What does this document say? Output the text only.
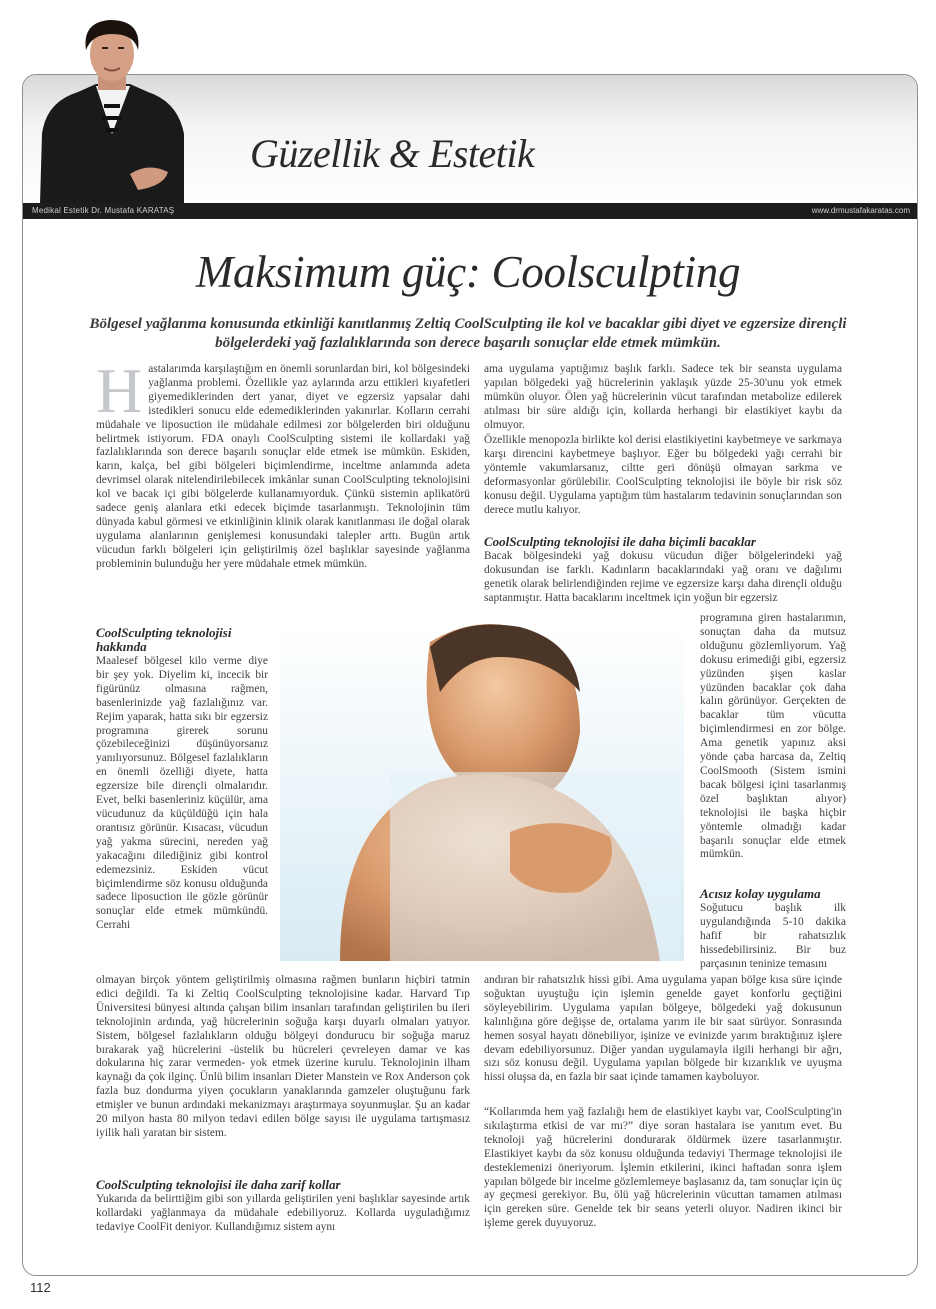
Güzellik & Estetik
Medikal Estetik Dr. Mustafa KARATAŞ	www.drmustafakaratas.com
Maksimum güç: Coolsculpting

Bölgesel yağlanma konusunda etkinliği kanıtlanmış Zeltiq CoolSculpting ile kol ve bacaklar gibi diyet ve egzersize dirençli bölgelerdeki yağ fazlalıklarında son derece başarılı sonuçlar elde etmek mümkün.

Hastalarımda karşılaştığım en önemli sorunlardan biri, kol bölgesindeki yağlanma problemi. Özellikle yaz aylarında arzu ettikleri kıyafetleri giyemediklerinden dert yanar, diyet ve egzersiz yapsalar dahi istedikleri sonucu elde edemediklerinden yakınırlar. Kolların cerrahi müdahale ve liposuction ile müdahale edilmesi zor bölgelerden biri olduğunu belirtmek istiyorum. FDA onaylı CoolSculpting sistemi ile kollardaki yağ fazlalıklarında son derece başarılı sonuçlar elde etmek ise mümkün. Eskiden, karın, kalça, bel gibi bölgeleri biçimlendirme, inceltme anlamında adeta devrimsel olarak nitelendirilebilecek imkânlar sunan CoolSculpting teknolojisini kol ve bacak içi gibi bölgelerde kullanamıyorduk. Çünkü sistemin aplikatörü sadece geniş alanlara etki edecek biçimde tasarlanmıştı. Teknolojinin tüm dünyada kabul görmesi ve etkinliğinin klinik olarak kanıtlanması ile doğal olarak uygulama alanlarının genişlemesi konusundaki talepler arttı. Bugün artık vücudun farklı bölgeleri için geliştirilmiş özel başlıklar sayesinde yağlanma probleminin bulunduğu her yere müdahale etmek mümkün.

ama uygulama yaptığımız başlık farklı. Sadece tek bir seansta uygulama yapılan bölgedeki yağ hücrelerinin yaklaşık yüzde 25-30'unu yok etmek mümkün oluyor. Ölen yağ hücrelerinin vücut tarafından metabolize edilerek atılması bir süre aldığı için, kollarda herhangi bir elastikiyet kaybı da olmuyor.

Özellikle menopozla birlikte kol derisi elastikiyetini kaybetmeye ve sarkmaya karşı direncini kaybetmeye başlıyor. Eğer bu bölgedeki yağı cerrahi bir yöntemle vakumlarsanız, ciltte geri dönüşü olmayan sarkma ve deformasyonlar görülebilir. CoolSculpting teknolojisi ile böyle bir risk söz konusu değil. Uygulama yaptığım tüm hastalarım tedavinin sonuçlarından son derece mutlu kalıyor.

CoolSculpting teknolojisi ile daha biçimli bacaklar

Bacak bölgesindeki yağ dokusu vücudun diğer bölgelerindeki yağ dokusundan ise farklı. Kadınların bacaklarındaki yağ oranı ve dağılımı genetik olarak belirlendiğinden rejime ve egzersize karşı daha dirençli olduğu saptanmıştır. Hatta bacaklarını inceltmek için yoğun bir egzersiz

CoolSculpting teknolojisi hakkında

Maalesef bölgesel kilo verme diye bir şey yok. Diyelim ki, incecik bir figürünüz olmasına rağmen, basenlerinizde yağ fazlalığınız var. Rejim yaparak, hatta sıkı bir egzersiz programına girerek sorunu çözebileceğinizi düşünüyorsanız yanılıyorsunuz. Bölgesel fazlalıkların en önemli özelliği diyete, hatta egzersize bile dirençli olmalarıdır. Evet, belki basenleriniz küçülür, ama vücudunuz da küçüldüğü için hala orantısız görünür. Kısacası, vücudun yağ yakma sürecini, nereden yağ yakacağını dilediğiniz gibi kontrol edemezsiniz. Eskiden vücut biçimlendirme söz konusu olduğunda sadece liposuction ile gözle görünür sonuçlar elde etmek mümkündü. Cerrahi

programına giren hastalarımın, sonuçtan daha da mutsuz olduğunu gözlemliyorum. Yağ dokusu erimediği gibi, egzersiz yüzünden şişen kaslar yüzünden bacaklar çok daha kalın görünüyor. Gerçekten de bacaklar tüm vücutta biçimlendirmesi en zor bölge. Ama genetik yapınız aksi yönde çaba harcasa da, Zeltiq CoolSmooth (Sistem ismini bacak bölgesi içini tasarlanmış özel başlıktan alıyor) teknolojisi ile başka hiçbir yöntemle olmadığı kadar başarılı sonuçlar elde etmek mümkün.

Acısız kolay uygulama

Soğutucu başlık ilk uygulandığında 5-10 dakika hafif bir rahatsızlık hissedebilirsiniz. Bir buz parçasının teninize temasını

olmayan birçok yöntem geliştirilmiş olmasına rağmen bunların hiçbiri tatmin edici değildi. Ta ki Zeltiq CoolSculpting teknolojisine kadar. Harvard Tıp Üniversitesi bünyesi altında çalışan bilim insanları tarafından geliştirilen bu ileri teknolojinin ardında, yağ hücrelerinin soğuğa karşı duyarlı olmaları yatıyor. Sistem, bölgesel fazlalıkların olduğu bölgeyi dondurucu bir soğuğa maruz bırakarak yağ hücrelerini -üstelik bu hücreleri çevreleyen damar ve kas dokularına hiç zarar vermeden- yok etmek üzerine kurulu. Teknolojinin ilham kaynağı da çok ilginç. Ünlü bilim insanları Dieter Manstein ve Rox Anderson çok fazla buz dondurma yiyen çocukların yanaklarında gamzeler oluştuğunu fark etmişler ve bunun ardındaki mekanizmayı araştırmaya soyunmuşlar. Şu an kadar 20 milyon hasta 80 milyon tedavi edilen bölge sayısı ile uygulama tartışmasız iyilik hali yaratan bir sistem.

CoolSculpting teknolojisi ile daha zarif kollar

Yukarıda da belirttiğim gibi son yıllarda geliştirilen yeni başlıklar sayesinde artık kollardaki yağlanmaya da müdahale edebiliyoruz. Kollarda uyguladığımız tedaviye CoolFit deniyor. Kullandığımız sistem aynı

andıran bir rahatsızlık hissi gibi. Ama uygulama yapan bölge kısa süre içinde soğuktan uyuştuğu için işlemin genelde gayet konforlu geçtiğini söyleyebilirim. Uygulama yapılan bölgeye, bölgedeki yağ dokusunun kalınlığına göre değişse de, ortalama yarım ile bir saat sürüyor. Sonrasında hemen sosyal hayatı dönebiliyor, işinize ve evinizde yarım bıraktığınız işlere devam edebiliyorsunuz. Diğer yandan uygulamayla ilgili herhangi bir ağrı, sızı söz konusu değil. Uygulama yapılan bölgede bir kızarıklık ve uyuşma hissi oluşsa da, en fazla bir saat içinde tamamen kayboluyor.

“Kollarımda hem yağ fazlalığı hem de elastikiyet kaybı var, CoolSculpting'in sıkılaştırma etkisi de var mı?” diye soran hastalara ise yanıtım evet. Bu teknoloji yağ hücrelerini dondurarak öldürmek üzere tasarlanmıştır. Elastikiyet kaybı da söz konusu olduğunda tedaviyi Thermage teknolojisi ile desteklemenizi öneriyorum. İşlemin etkilerini, ikinci haftadan sonra işlem yapılan bölgede bir incelme gözlemlemeye başlasanız da, tam sonuçlar için üç ay geçmesi gerekiyor. Bu, ölü yağ hücrelerinin vücuttan tamamen atılması için gereken süre. Genelde tek bir seans yeterli oluyor. Nadiren ikinci bir işleme gerek duyuyoruz.

112
